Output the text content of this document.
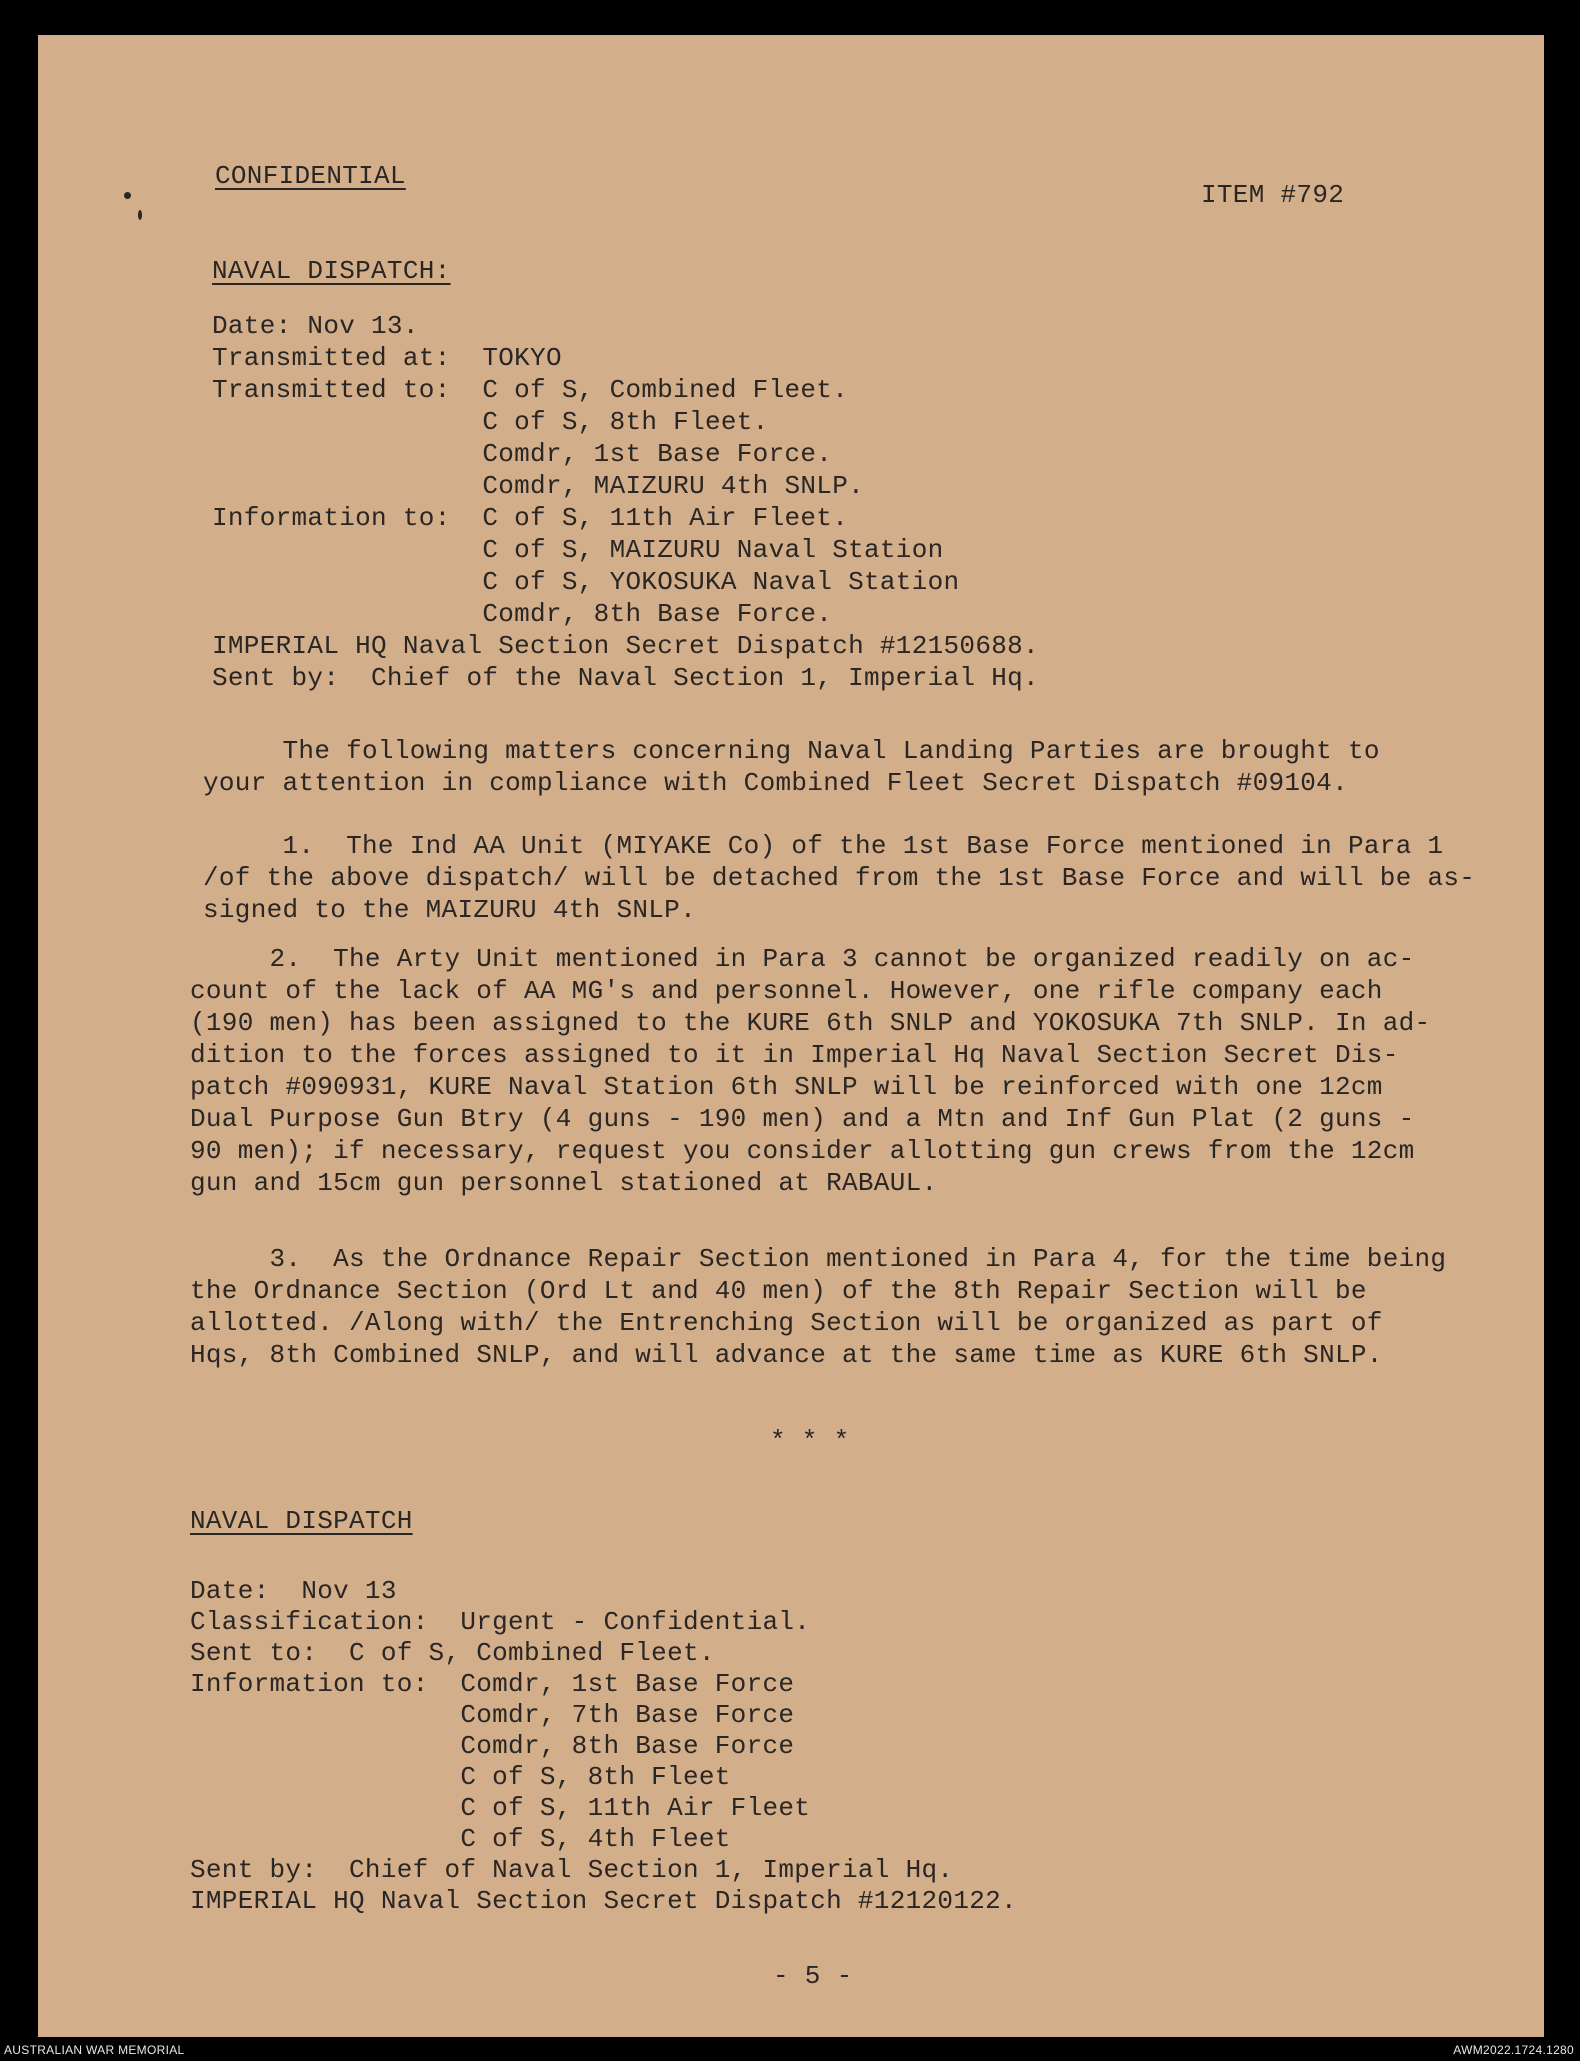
CONFIDENTIAL
ITEM #792
NAVAL DISPATCH:
Date: Nov 13.
Transmitted at:  TOKYO
Transmitted to:  C of S, Combined Fleet.
C of S, 8th Fleet.
Comdr, 1st Base Force.
Comdr, MAIZURU 4th SNLP.
Information to:  C of S, 11th Air Fleet.
C of S, MAIZURU Naval Station
C of S, YOKOSUKA Naval Station
Comdr, 8th Base Force.
IMPERIAL HQ Naval Section Secret Dispatch #12150688.
Sent by:  Chief of the Naval Section 1, Imperial Hq.
The following matters concerning Naval Landing Parties are brought to
your attention in compliance with Combined Fleet Secret Dispatch #09104.
1.  The Ind AA Unit (MIYAKE Co) of the 1st Base Force mentioned in Para 1
/of the above dispatch/ will be detached from the 1st Base Force and will be as-
signed to the MAIZURU 4th SNLP.
2.  The Arty Unit mentioned in Para 3 cannot be organized readily on ac-
count of the lack of AA MG's and personnel. However, one rifle company each
(190 men) has been assigned to the KURE 6th SNLP and YOKOSUKA 7th SNLP. In ad-
dition to the forces assigned to it in Imperial Hq Naval Section Secret Dis-
patch #090931, KURE Naval Station 6th SNLP will be reinforced with one 12cm
Dual Purpose Gun Btry (4 guns - 190 men) and a Mtn and Inf Gun Plat (2 guns -
90 men); if necessary, request you consider allotting gun crews from the 12cm
gun and 15cm gun personnel stationed at RABAUL.
3.  As the Ordnance Repair Section mentioned in Para 4, for the time being
the Ordnance Section (Ord Lt and 40 men) of the 8th Repair Section will be
allotted. /Along with/ the Entrenching Section will be organized as part of
Hqs, 8th Combined SNLP, and will advance at the same time as KURE 6th SNLP.
* * *
NAVAL DISPATCH
Date:  Nov 13
Classification:  Urgent - Confidential.
Sent to:  C of S, Combined Fleet.
Information to:  Comdr, 1st Base Force
Comdr, 7th Base Force
Comdr, 8th Base Force
C of S, 8th Fleet
C of S, 11th Air Fleet
C of S, 4th Fleet
Sent by:  Chief of Naval Section 1, Imperial Hq.
IMPERIAL HQ Naval Section Secret Dispatch #12120122.
- 5 -
AUSTRALIAN WAR MEMORIAL	AWM2022.1724.1280
